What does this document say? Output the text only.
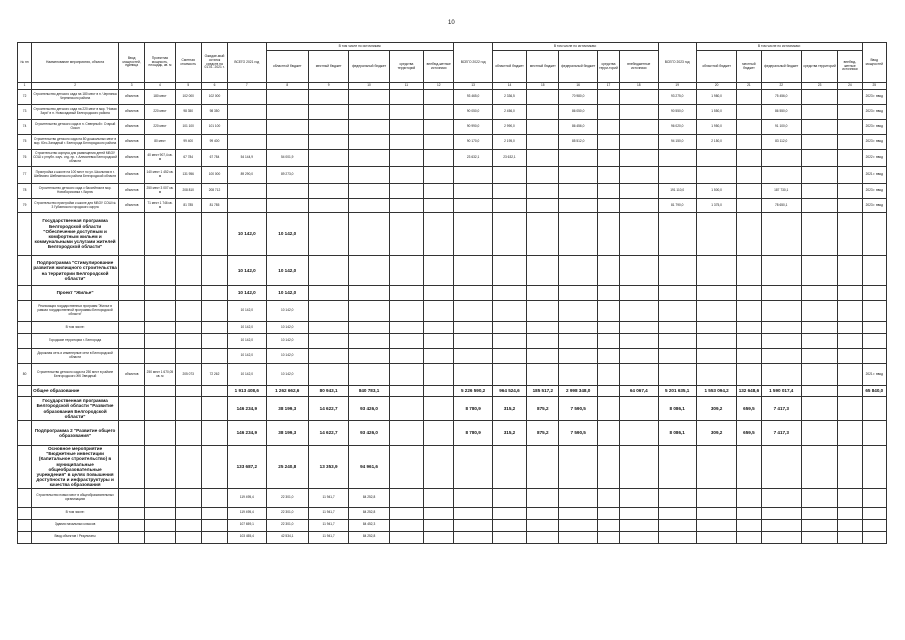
10
№ пп	Наименование мероприятия, объекта	Ввод мощностей, единица	Проектная мощность, площадь, кв. м	Сметная стоимость	Ожидае-мый остаток средств на 01.01. 2021 г.	ВСЕГО 2021 год	В том числе по источникам:					ВСЕГО 2022 год	В том числе по источникам:					ВСЕГО 2023 год	В том числе по источникам:					Ввод мощностей
							областной бюджет	местный бюджет	федеральный бюджет	средства территорий	внебюд-жетные источники		областной бюджет	местный бюджет	федеральный бюджет	средства терри-торий	внебюджетные источники		областной бюджет	местный бюджет	федеральный бюджет	средства территорий	внебюд-жетные источники	
1	2	3	4	5	6	7	8	9	10	11	12	13	14	15	16	17	18	19	20	21	22	23	24	25
72	Строительство детского сада на 180 мест в п. Чернянка Чернянского района	объектов	180 мест	102 000	102 000							93 465,0	2 336,5		70 980,0			93 275,0	1 980,0		75 456,0			2023 г. ввод
73	Строительство детского сада на 220 мест в мкр. "Новая Заря" в п. Новосадовый Белгородского района	объектов	220 мест	98 350	98 350							90 050,0	2 456,0		86 050,0			90 550,0	1 550,0		86 550,0			2023 г. ввод
74	Строительство детского сада в п. Северный г. Старый Оскол	объектов	220 мест	101 100	101 100							90 990,0	2 990,0		86 456,0			96 020,0	1 950,0		91 100,0			2023 г. ввод
75	Строительство детского сада на 80 дошкольных мест в мкр. Юго-Западный г. Белгорода Белгородского района	объектов	80 мест	99 400	99 400							90 170,0	2 195,0		85 512,0			94 150,0	2 150,0		83 112,0			2023 г. ввод
76	Строительство корпуса для размещения детей МБОУ СОШ с углубл. изуч. отд. пр. г. Алексеевка Белгородской области	объектов	40 мест 907,4 кв. м	67 784	67 784	54 144,9	54 001,9					23 632,1	23 632,1											2022 г. ввод
77	Пристройка к школе на 100 мест по ул. Школьная в г. Шебекино Шебекинского района Белгородской области	объектов	140 мест 1 452 кв. м	131 956	100 000	89 290,0	89 273,0																	2021 г. ввод
78	Строительство детского сада с бассейном в мкр. Новоборисовка г. Бирюч	объектов	250 мест 3 007 кв. м	208 810	208 712													191 110,0	1 500,0		187 730,1			2023 г. ввод
79	Строительство пристройки к школе для МБОУ СОШ № 3 Губкинского городского округа	объектов	71 мест 1 746 кв. м	81 785	81 785													81 790,0	1 375,0		78 650,1			2023 г. ввод
	Государственная программа Белгородской области "Обеспечение доступным и комфортным жильем и коммунальными услугами жителей Белгородской области"					10 142,0	10 142,0																	
	Подпрограмма "Стимулирование развития жилищного строительства на территории Белгородской области"					10 142,0	10 142,0																	
	Проект "Жилье"					10 142,0	10 142,0																	
	Реализация государственных программ "Жилье в рамках государственной программы Белгородской области"					10 142,0	10 142,0																	
	В том числе:					10 142,0	10 142,0																	
	Городские территории г. Белгорода					10 142,0	10 142,0																	
	Дорожная сеть и инженерные сети в Белгородской области					10 142,0	10 142,0																	
80	Строительство детского сада на 250 мест в районе Белгородского ЖК Звездный	объектов	250 мест 1 670,05 кв. м	205 073	72 262	10 142,0	10 142,0																	2021 г. ввод
	Общее образование					1 913 408,6	1 262 662,6	80 943,1	840 783,1			5 226 590,2	964 524,6	185 517,2	2 998 348,0		64 067,4	5 201 635,1	1 553 094,2	132 648,6	1 590 017,4			65 840,0
	Государственная программа Белгородской области "Развитие образования Белгородской области"					146 234,9	38 199,3	14 622,7	93 426,0			8 780,9	315,2	875,2	7 590,5			8 086,1	309,2	659,5	7 417,3			
	Подпрограмма 2 "Развитие общего образования"					146 234,9	38 199,3	14 622,7	93 426,0			8 780,9	315,2	875,2	7 590,5			8 086,1	309,2	659,5	7 417,3			
	Основное мероприятие "Бюджетные инвестиции (Капитальное строительство) в муниципальные общеобразовательные учреждения" в целях повышения доступности и инфраструктуры и качества образования					133 687,2	25 240,8	13 353,9	94 961,6															
	Строительство новых мест в общеобразовательных организациях					119 495,4	22 301,0	11 941,7	84 252,8															
	В том числе:					119 495,4	22 301,0	11 941,7	84 252,8															
	Здания начальных классов					107 659,1	22 301,0	11 941,7	84 452,3															
	Ввод объектов / Результаты					103 455,4	42 534,1	11 941,7	84 252,8															
